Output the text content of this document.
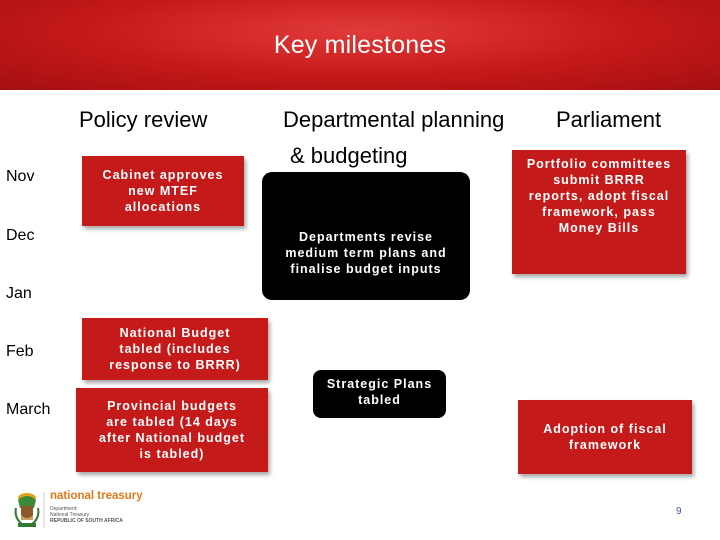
Key milestones
Policy review	Departmental planning
& budgeting
Parliament
Nov
Dec
Jan
Feb
March
Cabinet approves
new MTEF
allocations
Departments revise
medium term plans and
finalise budget inputs
Portfolio committees
submit BRRR
reports, adopt fiscal
framework, pass
Money Bills
National Budget
tabled (includes
response to BRRR)
Strategic Plans
tabled
Provincial budgets
are tabled (14 days
after National budget
is tabled)
Adoption of fiscal
framework
national treasury
Department:
National Treasury
REPUBLIC OF SOUTH AFRICA
9
